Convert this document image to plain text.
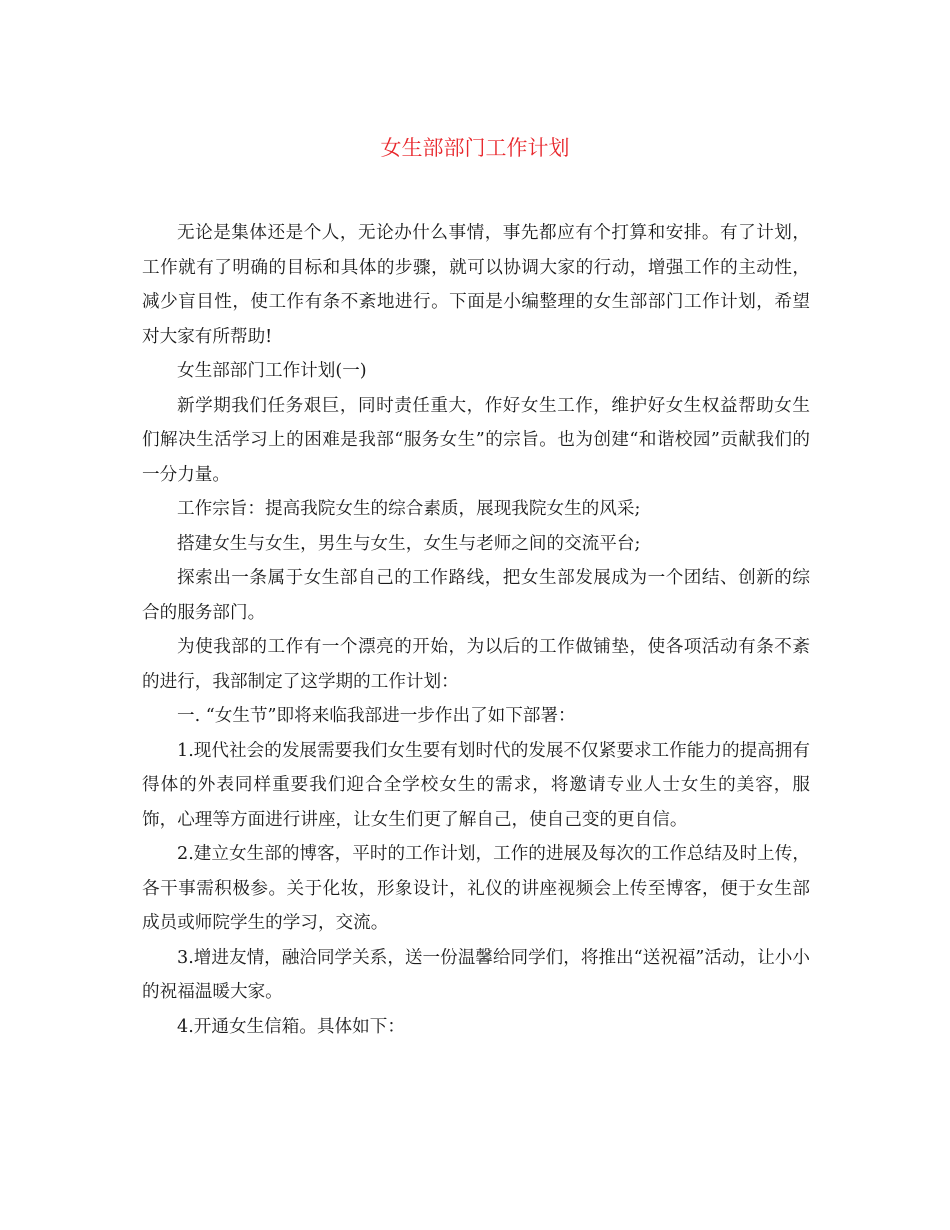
女生部部门工作计划

无论是集体还是个人，无论办什么事情，事先都应有个打算和安排。有了计划，工作就有了明确的目标和具体的步骤，就可以协调大家的行动，增强工作的主动性，减少盲目性，使工作有条不紊地进行。下面是小编整理的女生部部门工作计划，希望对大家有所帮助!

女生部部门工作计划(一)

新学期我们任务艰巨，同时责任重大，作好女生工作，维护好女生权益帮助女生们解决生活学习上的困难是我部“服务女生”的宗旨。也为创建“和谐校园”贡献我们的一分力量。

工作宗旨：提高我院女生的综合素质，展现我院女生的风采;

搭建女生与女生，男生与女生，女生与老师之间的交流平台;

探索出一条属于女生部自己的工作路线，把女生部发展成为一个团结、创新的综合的服务部门。

为使我部的工作有一个漂亮的开始，为以后的工作做铺垫，使各项活动有条不紊的进行，我部制定了这学期的工作计划：

一. “女生节”即将来临我部进一步作出了如下部署：

1.现代社会的发展需要我们女生要有划时代的发展不仅紧要求工作能力的提高拥有得体的外表同样重要我们迎合全学校女生的需求，将邀请专业人士女生的美容，服饰，心理等方面进行讲座，让女生们更了解自己，使自己变的更自信。

2.建立女生部的博客，平时的工作计划，工作的进展及每次的工作总结及时上传，各干事需积极参。关于化妆，形象设计，礼仪的讲座视频会上传至博客，便于女生部成员或师院学生的学习，交流。

3.增进友情，融洽同学关系，送一份温馨给同学们，将推出“送祝福”活动，让小小的祝福温暖大家。

4.开通女生信箱。具体如下：
